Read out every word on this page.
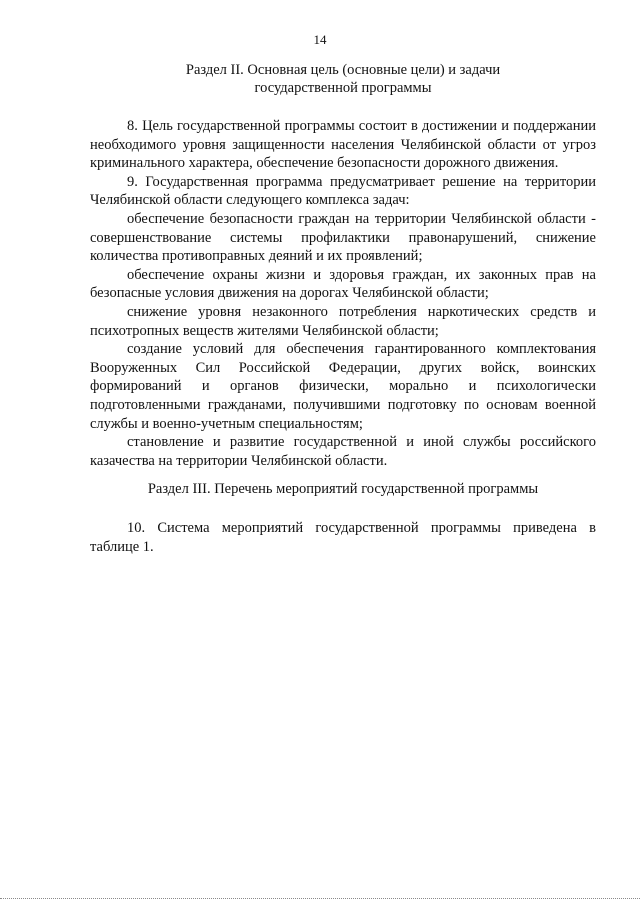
14
Раздел II. Основная цель (основные цели) и задачи
государственной программы

8. Цель государственной программы состоит в достижении и поддержании необходимого уровня защищенности населения Челябинской области от угроз криминального характера, обеспечение безопасности дорожного движения.

9. Государственная программа предусматривает решение на территории Челябинской области следующего комплекса задач:

обеспечение безопасности граждан на территории Челябинской области - совершенствование системы профилактики правонарушений, снижение количества противоправных деяний и их проявлений;

обеспечение охраны жизни и здоровья граждан, их законных прав на безопасные условия движения на дорогах Челябинской области;

снижение уровня незаконного потребления наркотических средств и психотропных веществ жителями Челябинской области;

создание условий для обеспечения гарантированного комплектования Вооруженных Сил Российской Федерации, других войск, воинских формирований и органов физически, морально и психологически подготовленными гражданами, получившими подготовку по основам военной службы и военно-учетным специальностям;

становление и развитие государственной и иной службы российского казачества на территории Челябинской области.

Раздел III. Перечень мероприятий государственной программы

10. Система мероприятий государственной программы приведена в таблице 1.
